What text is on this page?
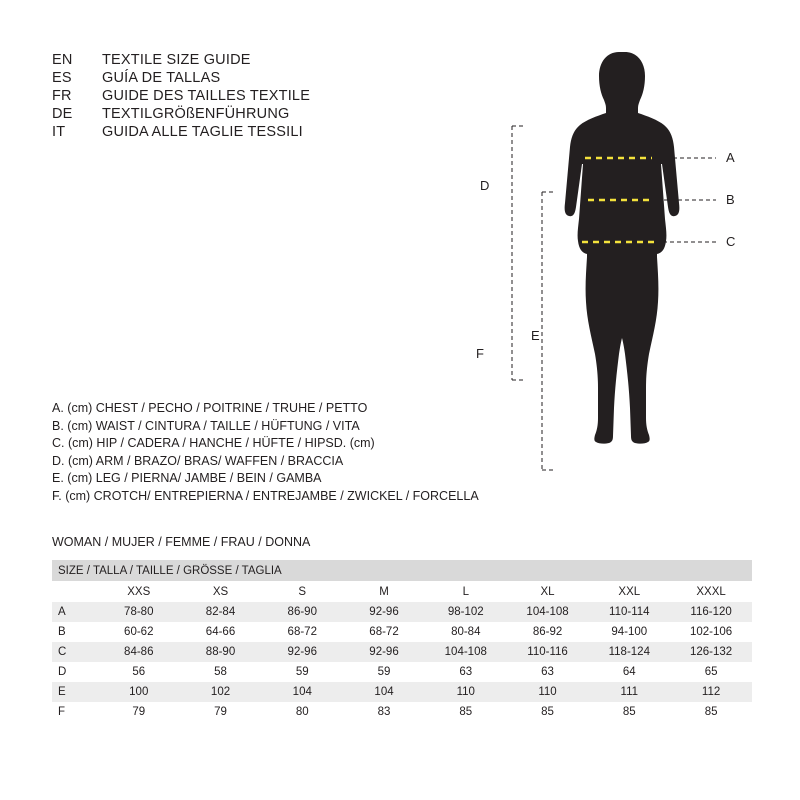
EN	TEXTILE SIZE GUIDE
ES	GUÍA DE TALLAS
FR	GUIDE DES TAILLES TEXTILE
DE	TEXTILGRÖßENFÜHRUNG
IT	GUIDA ALLE TAGLIE TESSILI
A
B
C
D
E
F
A. (cm) CHEST / PECHO / POITRINE / TRUHE / PETTO
B. (cm) WAIST / CINTURA / TAILLE / HÜFTUNG / VITA
C. (cm) HIP / CADERA / HANCHE / HÜFTE / HIPSD. (cm)
D. (cm) ARM / BRAZO/ BRAS/ WAFFEN / BRACCIA
E. (cm) LEG / PIERNA/ JAMBE / BEIN / GAMBA
F. (cm) CROTCH/ ENTREPIERNA / ENTREJAMBE / ZWICKEL / FORCELLA
WOMAN / MUJER / FEMME / FRAU / DONNA
SIZE / TALLA / TAILLE / GRÖSSE / TAGLIA								
	XXS	XS	S	M	L	XL	XXL	XXXL
A	78-80	82-84	86-90	92-96	98-102	104-108	110-114	116-120
B	60-62	64-66	68-72	68-72	80-84	86-92	94-100	102-106
C	84-86	88-90	92-96	92-96	104-108	110-116	118-124	126-132
D	56	58	59	59	63	63	64	65
E	100	102	104	104	110	110	111	112
F	79	79	80	83	85	85	85	85
